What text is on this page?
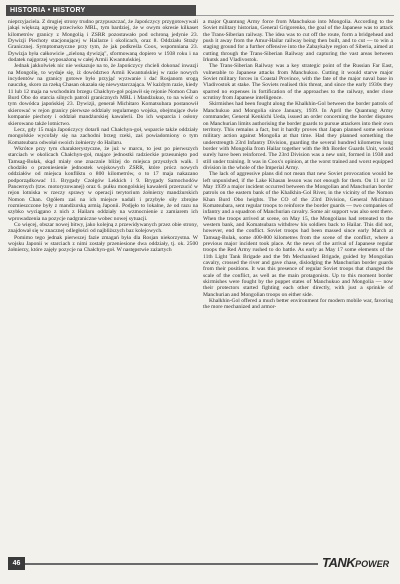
HISTORIA • HISTORY

nieprzyjaciela. Z drugiej strony trudno przypuszczać, że Japończycy przygotowywali jakąś większą agresję przeciwko MRL, tym bardziej, że w owym okresie kilkaset kilometrów granicy z Mongolią i ZSRR pozostawało pod ochroną jedynie 23. Dywizji Piechoty stacjonującej w Hailarze i okolicach, oraz 8. Oddziału Straży Granicznej. Symptomatyczne przy tym, że jak podkreśla Coox, wspomniana 23. Dywizja była całkowicie „zieloną dywizją", sformowaną dopiero w 1938 roku i na dodatek najgorzej wyposażoną w całej Armii Kwantuńskiej.

Jednak jakkolwiek nic nie wskazuje na to, że Japończycy chcieli dokonać inwazji na Mongolię, to wydaje się, iż dowództwo Armii Kwantuńskiej w razie nowych incydentów na granicy gotowe było przyjąć wyzwanie i dać Rosjanom srogą nauczkę, skoro za rzeką Chasan okazała się niewystarczająca. W każdym razie, kiedy 11 lub 12 maja na wschodnim brzegu Chałchyn-goł pojawił się rejonie Nomon Chan Burd Obo do starcia silnych patroli granicznych MRL i Mandżukuo, to na wieść o tym dowódca japońskiej 23. Dywizji, generał Michitaro Komatsubara postanowił skierować w rejon granicy pierwsze oddziały regularnego wojska, obejmujące dwie kompanie piechoty i oddział mandżurskiej kawalerii. Do ich wsparcia i osłony skierowano także lotnictwo.

Lecz, gdy 15 maja Japończycy dotarli nad Chałchyn-goł, wsparcie także oddziały mongolskie wycofały się na zachodni brzeg rzeki, zaś powiadomiony o tym Komatsubara odwołał swoich żołnierzy do Hailaru.

Wkrótce przy tym charakterystyczne, że już w marcu, to jest po pierwszych starciach w okolicach Chałchyn-goł, mające jednostki radzieckie przesunięto pod Tamsag-Bułak, skąd miały one znacznie bliżej do miejsca przyszłych walk. I chodziło o przeniesienie jednostek wojskowych ZSRR, które prócz nowych oddziałów od miejsca konfliktu o 800 kilometrów, o to 17 maja nakazano podporządkować 11. Brygady Czołgów Lekkich i 9. Brygady Samochodów Pancernych (tzw. motoryzowanej) oraz 6. pułku mongolskiej kawalerii przerzucić w rejon lotniska w rzeczy sprawy w operacji terytorium żołnierzy mandżurskich Nomon Chan. Ogółem zaś na ich miejsce nadali i przybyłe siły zbrojne rozmieszczone były z mandżurską armią Japonii. Podjęło to lokalne, że od razu na szybko wyciągano z nich z Hailaru oddziały na wzmocnienie z zamiarem ich wprowadzenia na pozycje nadgraniczne wobec nowej sytuacji.

Co więcej, obszar nowej bitwy, jako kolejną z przewidywanych przez obie strony, znajdował się w znacznej odległości od najbliższych baz kolejowych.

Pomimo tego jednak pierwszej fazie zmagań była dla Rosjan niekorzystna. W wojsku Japonii w starciach z nimi zostały przeniesione dwa oddziały, tj. ok. 2500 żołnierzy, które zajęły pozycje na Chałchyn-goł. W następstwie zażartych

a major Quantung Army force from Manchukuo into Mongolia. According to the Soviet military historian, General Grigorenko, the goal of the Japanese was to attack the Trans-Siberian railway. The idea was to cut off the route, form a bridgehead and push it away from the Amur-Hailar railway being then built, and to cut — to win a staging ground for a further offensive into the Zabaykalye region of Siberia, aimed at cutting through the Trans-Siberian Railway and capturing the vast areas between Irkutsk and Vladivostok.

The Trans-Siberian Railway was a key strategic point of the Russian Far East, vulnerable to Japanese attacks from Manchukuo. Cutting it would starve major Soviet military forces in Coastal Province, with the fate of the major naval base in Vladivostok at stake. The Soviets realised this threat, and since the early 1930s they sparred no expenses in fortification of the approaches to the railway, under close scrutiny from Japanese intelligence.

Skirmishes had been fought along the Khalkhin-Gol between the border patrols of Manchukuo and Mongolia since January, 1939. In April the Quantung Army commander, General Kenkichi Ueda, issued an order concerning the border disputes on Manchurian limits authorising the border guards to pursue attackers into their own territory. This remains a fact, but it hardly proves that Japan planned some serious military action against Mongolia at that time. Had they planned something the understrength 23rd Infantry Division, guarding the several hundred kilometres long border with Mongolia from Hailar together with the 8th Border Guards Unit, would surely have been reinforced. The 23rd Division was a new unit, formed in 1938 and still under training. It was in Coox's opinion, at the worst trained and worst equipped division in the whole of the Imperial Army.

The lack of aggressive plans did not mean that new Soviet provocation would be left unpunished, if the Lake Khasan lesson was not enough for them. On 11 or 12 May 1939 a major incident occurred between the Mongolian and Manchurian border patrols on the eastern bank of the Khalkhin-Gol River, in the vicinity of the Nomon Khan Burd Obo heights. The CO of the 23rd Division, General Michitaro Komatsubara, sent regular troops to reinforce the border guards — two companies of infantry and a squadron of Manchurian cavalry. Some air support was also sent there. When the troops arrived at scene, on May 15, the Mongolians had retreated to the western bank, and Komatsubara withdrew his soldiers back to Hailar. This did not, however, end the conflict. Soviet troops had been massed since early March at Tamsag-Bulak, some 400-800 kilometres from the scene of the conflict, where a previous major incident took place. At the news of the arrival of Japanese regular troops the Red Army rushed to do battle. As early as May 17 some elements of the 11th Light Tank Brigade and the 9th Mechanised Brigade, guided by Mongolian cavalry, crossed the river and gave chase, dislodging the Manchurian border guards from their positions. It was this presence of regular Soviet troops that changed the scale of the conflict, as well as the main protagonists. Up to this moment border skirmishes were fought by the puppet states of Manchukuo and Mongolia — now their protectors started fighting each other directly, with just a sprinkle of Manchurian and Mongolian troops on either side.

Khalkhin-Gol offered a much better environment for modern mobile war, favoring the more mechanized and armor-

46	TANKPOWER
